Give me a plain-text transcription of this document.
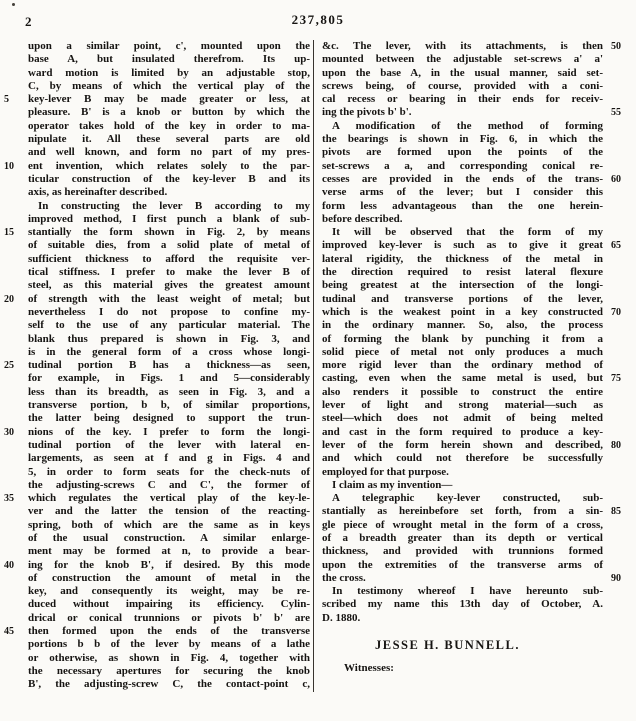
2	237,805
upon a similar point, c', mounted upon the
base A, but insulated therefrom. Its up-
ward motion is limited by an adjustable stop,
C, by means of which the vertical play of the
5	key-lever B may be made greater or less, at
pleasure. B' is a knob or button by which the
operator takes hold of the key in order to ma-
nipulate it. All these several parts are old
and well known, and form no part of my pres-
10	ent invention, which relates solely to the par-
ticular construction of the key-lever B and its
axis, as hereinafter described.
In constructing the lever B according to my
improved method, I first punch a blank of sub-
15	stantially the form shown in Fig. 2, by means
of suitable dies, from a solid plate of metal of
sufficient thickness to afford the requisite ver-
tical stiffness. I prefer to make the lever B of
steel, as this material gives the greatest amount
20	of strength with the least weight of metal; but
nevertheless I do not propose to confine my-
self to the use of any particular material. The
blank thus prepared is shown in Fig. 3, and
is in the general form of a cross whose longi-
25	tudinal portion B has a thickness—as seen,
for example, in Figs. 1 and 5—considerably
less than its breadth, as seen in Fig. 3, and a
transverse portion, b b, of similar proportions,
the latter being designed to support the trun-
30	nions of the key. I prefer to form the longi-
tudinal portion of the lever with lateral en-
largements, as seen at f and g in Figs. 4 and
5, in order to form seats for the check-nuts of
the adjusting-screws C and C', the former of
35	which regulates the vertical play of the key-le-
ver and the latter the tension of the reacting-
spring, both of which are the same as in keys
of the usual construction. A similar enlarge-
ment may be formed at n, to provide a bear-
40	ing for the knob B', if desired. By this mode
of construction the amount of metal in the
key, and consequently its weight, may be re-
duced without impairing its efficiency. Cylin-
drical or conical trunnions or pivots b' b' are
45	then formed upon the ends of the transverse
portions b b of the lever by means of a lathe
or otherwise, as shown in Fig. 4, together with
the necessary apertures for securing the knob
B', the adjusting-screw C, the contact-point c,
50
&c. The lever, with its attachments, is then
mounted between the adjustable set-screws a' a'
upon the base A, in the usual manner, said set-
screws being, of course, provided with a coni-
cal recess or bearing in their ends for receiv-
55
ing the pivots b' b'.
A modification of the method of forming
the bearings is shown in Fig. 6, in which the
pivots are formed upon the points of the
set-screws a a, and corresponding conical re-
60
cesses are provided in the ends of the trans-
verse arms of the lever; but I consider this
form less advantageous than the one herein-
before described.
It will be observed that the form of my
65
improved key-lever is such as to give it great
lateral rigidity, the thickness of the metal in
the direction required to resist lateral flexure
being greatest at the intersection of the longi-
tudinal and transverse portions of the lever,
70
which is the weakest point in a key constructed
in the ordinary manner. So, also, the process
of forming the blank by punching it from a
solid piece of metal not only produces a much
more rigid lever than the ordinary method of
75
casting, even when the same metal is used, but
also renders it possible to construct the entire
lever of light and strong material—such as
steel—which does not admit of being melted
and cast in the form required to produce a key-
80
lever of the form herein shown and described,
and which could not therefore be successfully
employed for that purpose.
I claim as my invention—
A telegraphic key-lever constructed, sub-
85
stantially as hereinbefore set forth, from a sin-
gle piece of wrought metal in the form of a cross,
of a breadth greater than its depth or vertical
thickness, and provided with trunnions formed
upon the extremities of the transverse arms of
90
the cross.
In testimony whereof I have hereunto sub-
scribed my name this 13th day of October, A.
D. 1880.
JESSE H. BUNNELL.
Witnesses:
